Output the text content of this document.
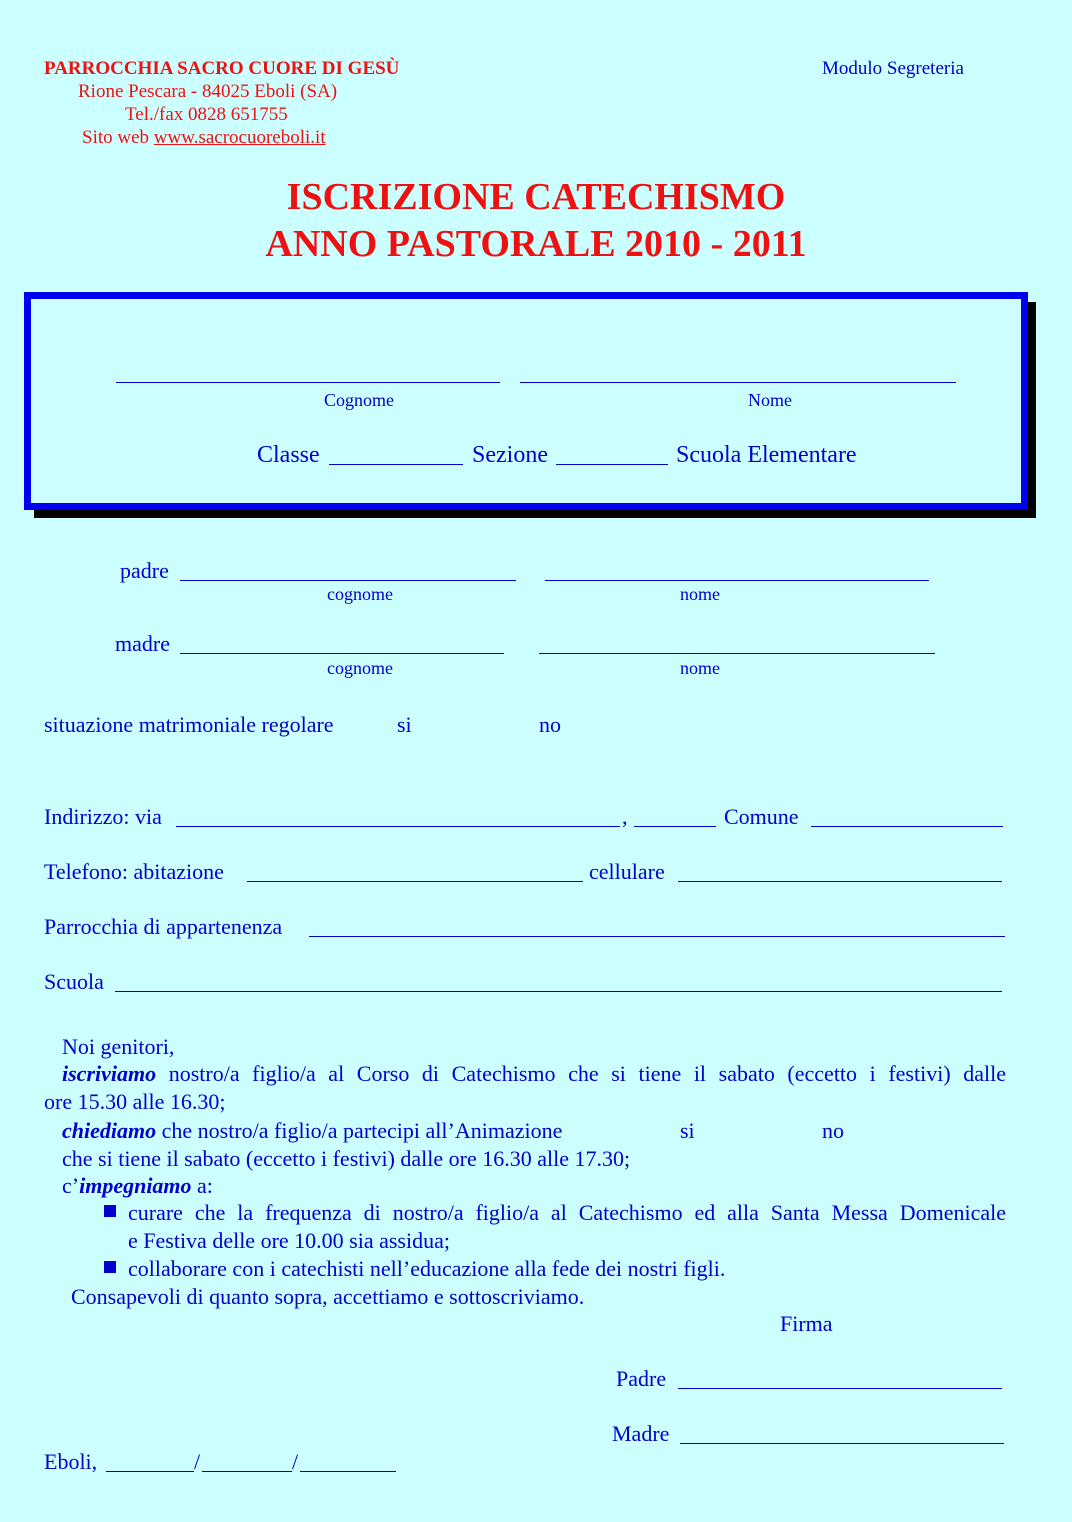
PARROCCHIA SACRO CUORE DI GESÙ
Rione Pescara - 84025 Eboli (SA)
Tel./fax 0828 651755
Sito web www.sacrocuoreboli.it
Modulo Segreteria
ISCRIZIONE CATECHISMO
ANNO PASTORALE 2010 - 2011
Cognome	Nome
Classe	Sezione	Scuola Elementare
padre
cognome	nome
madre
cognome	nome
situazione matrimoniale regolare	si	no
Indirizzo: via	,	Comune
Telefono: abitazione	cellulare
Parrocchia di appartenenza
Scuola
Noi genitori,
iscriviamo nostro/a figlio/a al Corso di Catechismo che si tiene il sabato (eccetto i festivi) dalle
ore 15.30 alle 16.30;
chiediamo che nostro/a figlio/a partecipi all’Animazione	si	no
che si tiene il sabato (eccetto i festivi) dalle ore 16.30 alle 17.30;
c’impegniamo a:
curare che la frequenza di nostro/a figlio/a al Catechismo ed alla Santa Messa Domenicale
e Festiva delle ore 10.00 sia assidua;
collaborare con i catechisti nell’educazione alla fede dei nostri figli.
Consapevoli di quanto sopra, accettiamo e sottoscriviamo.
Firma
Padre
Madre
Eboli,	/	/
